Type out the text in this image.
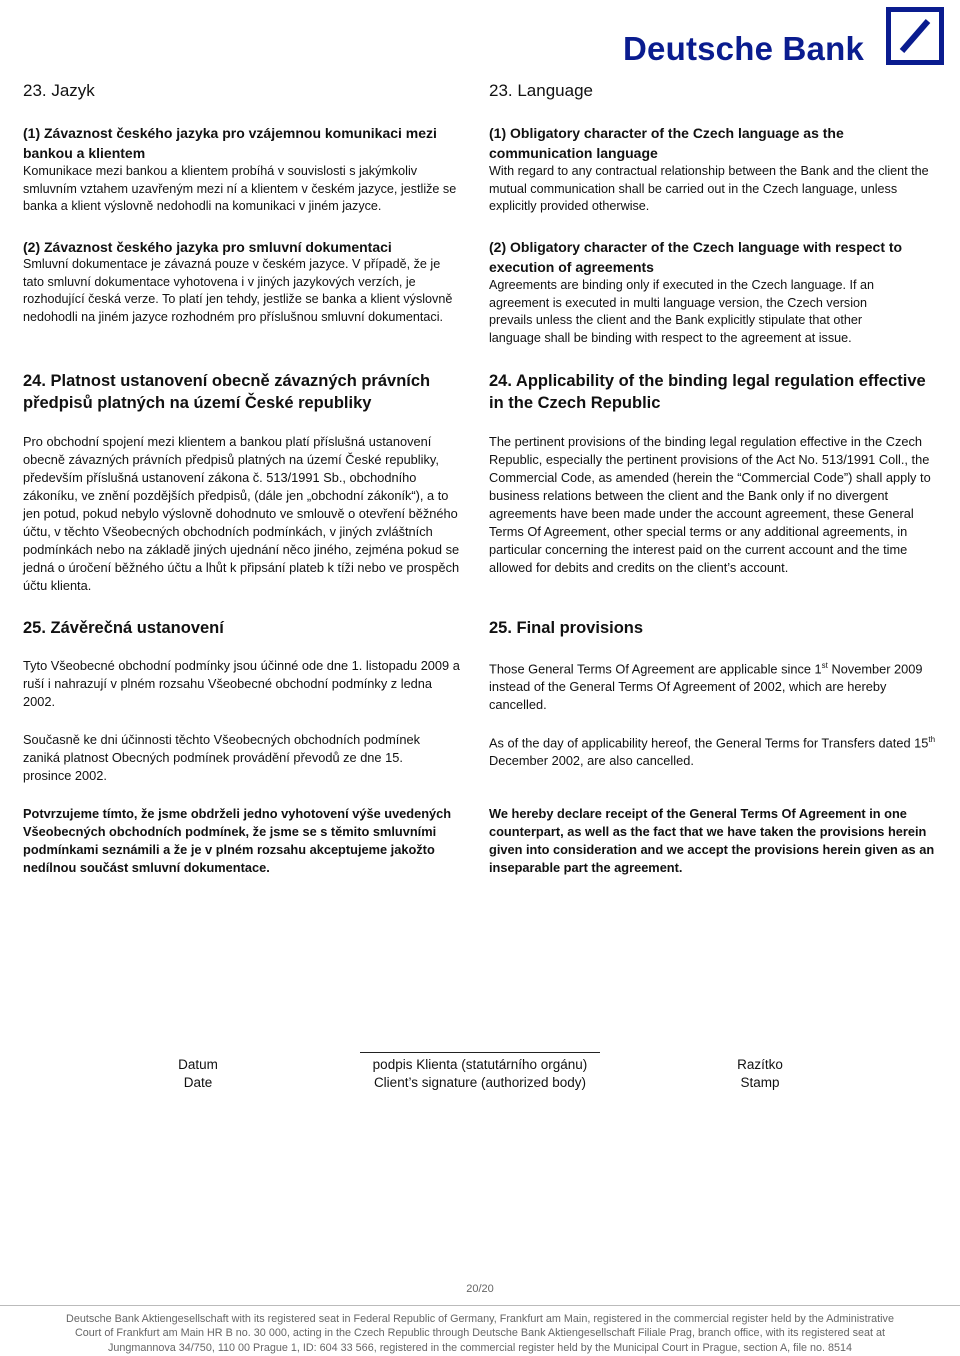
Deutsche Bank
23. Jazyk
(1) Závaznost českého jazyka pro vzájemnou komunikaci mezi bankou a klientem
Komunikace mezi bankou a klientem probíhá v souvislosti s jakýmkoliv smluvním vztahem uzavřeným mezi ní a klientem v českém jazyce, jestliže se banka a klient výslovně nedohodli na komunikaci v jiném jazyce.
(2) Závaznost českého jazyka pro smluvní dokumentaci
Smluvní dokumentace je závazná pouze v českém jazyce. V případě, že je tato smluvní dokumentace vyhotovena i v jiných jazykových verzích, je rozhodující česká verze. To platí jen tehdy, jestliže se banka a klient výslovně nedohodli na jiném jazyce rozhodném pro příslušnou smluvní dokumentaci.
24. Platnost ustanovení obecně závazných právních předpisů platných na území České republiky
Pro obchodní spojení mezi klientem a bankou platí příslušná ustanovení obecně závazných právních předpisů platných na území České republiky, především příslušná ustanovení zákona č. 513/1991 Sb., obchodního zákoníku, ve znění pozdějších předpisů, (dále jen „obchodní zákoník“), a to jen potud, pokud nebylo výslovně dohodnuto ve smlouvě o otevření běžného účtu, v těchto Všeobecných obchodních podmínkách, v jiných zvláštních podmínkách nebo na základě jiných ujednání něco jiného, zejména pokud se jedná o úročení běžného účtu a lhůt k připsání plateb k tíži nebo ve prospěch účtu klienta.
25. Závěrečná ustanovení
Tyto Všeobecné obchodní podmínky jsou účinné ode dne 1. listopadu 2009 a ruší i nahrazují v plném rozsahu Všeobecné obchodní podmínky z ledna 2002.
Současně ke dni účinnosti těchto Všeobecných obchodních podmínek zaniká platnost Obecných podmínek provádění převodů ze dne 15. prosince 2002.
Potvrzujeme tímto, že jsme obdrželi jedno vyhotovení výše uvedených Všeobecných obchodních podmínek, že jsme se s těmito smluvními podmínkami seznámili a že je v plném rozsahu akceptujeme jakožto nedílnou součást smluvní dokumentace.
23. Language
(1) Obligatory character of the Czech language as the communication language
With regard to any contractual relationship between the Bank and the client the mutual communication shall be carried out in the Czech language, unless explicitly provided otherwise.
(2) Obligatory character of the Czech language with respect to execution of agreements
Agreements are binding only if executed in the Czech language. If an agreement is executed in multi language version, the Czech version prevails unless the client and the Bank explicitly stipulate that other language shall be binding with respect to the agreement at issue.
24. Applicability of the binding legal regulation effective in the Czech Republic
The pertinent provisions of the binding legal regulation effective in the Czech Republic, especially the pertinent provisions of the Act No. 513/1991 Coll., the Commercial Code, as amended (herein the “Commercial Code”) shall apply to business relations between the client and the Bank only if no divergent agreements have been made under the account agreement, these General Terms Of Agreement, other special terms or any additional agreements, in particular concerning the interest paid on the current account and the time allowed for debits and credits on the client’s account.
25. Final provisions
Those General Terms Of Agreement are applicable since 1st November 2009 instead of the General Terms Of Agreement of 2002, which are hereby cancelled.
As of the day of applicability hereof, the General Terms for Transfers dated 15th December 2002, are also cancelled.
We hereby declare receipt of the General Terms Of Agreement in one counterpart, as well as the fact that we have taken the provisions herein given into consideration and we accept the provisions herein given as an inseparable part the agreement.
Datum
Date
podpis Klienta (statutárního orgánu)
Client’s signature (authorized body)
Razítko
Stamp
20/20
Deutsche Bank Aktiengesellschaft with its registered seat in Federal Republic of Germany, Frankfurt am Main, registered in the commercial register held by the Administrative
Court of Frankfurt am Main HR B no. 30 000, acting in the Czech Republic through Deutsche Bank Aktiengesellschaft Filiale Prag, branch office, with its registered seat at
Jungmannova 34/750, 110 00 Prague 1, ID: 604 33 566, registered in the commercial register held by the Municipal Court in Prague, section A, file no. 8514
